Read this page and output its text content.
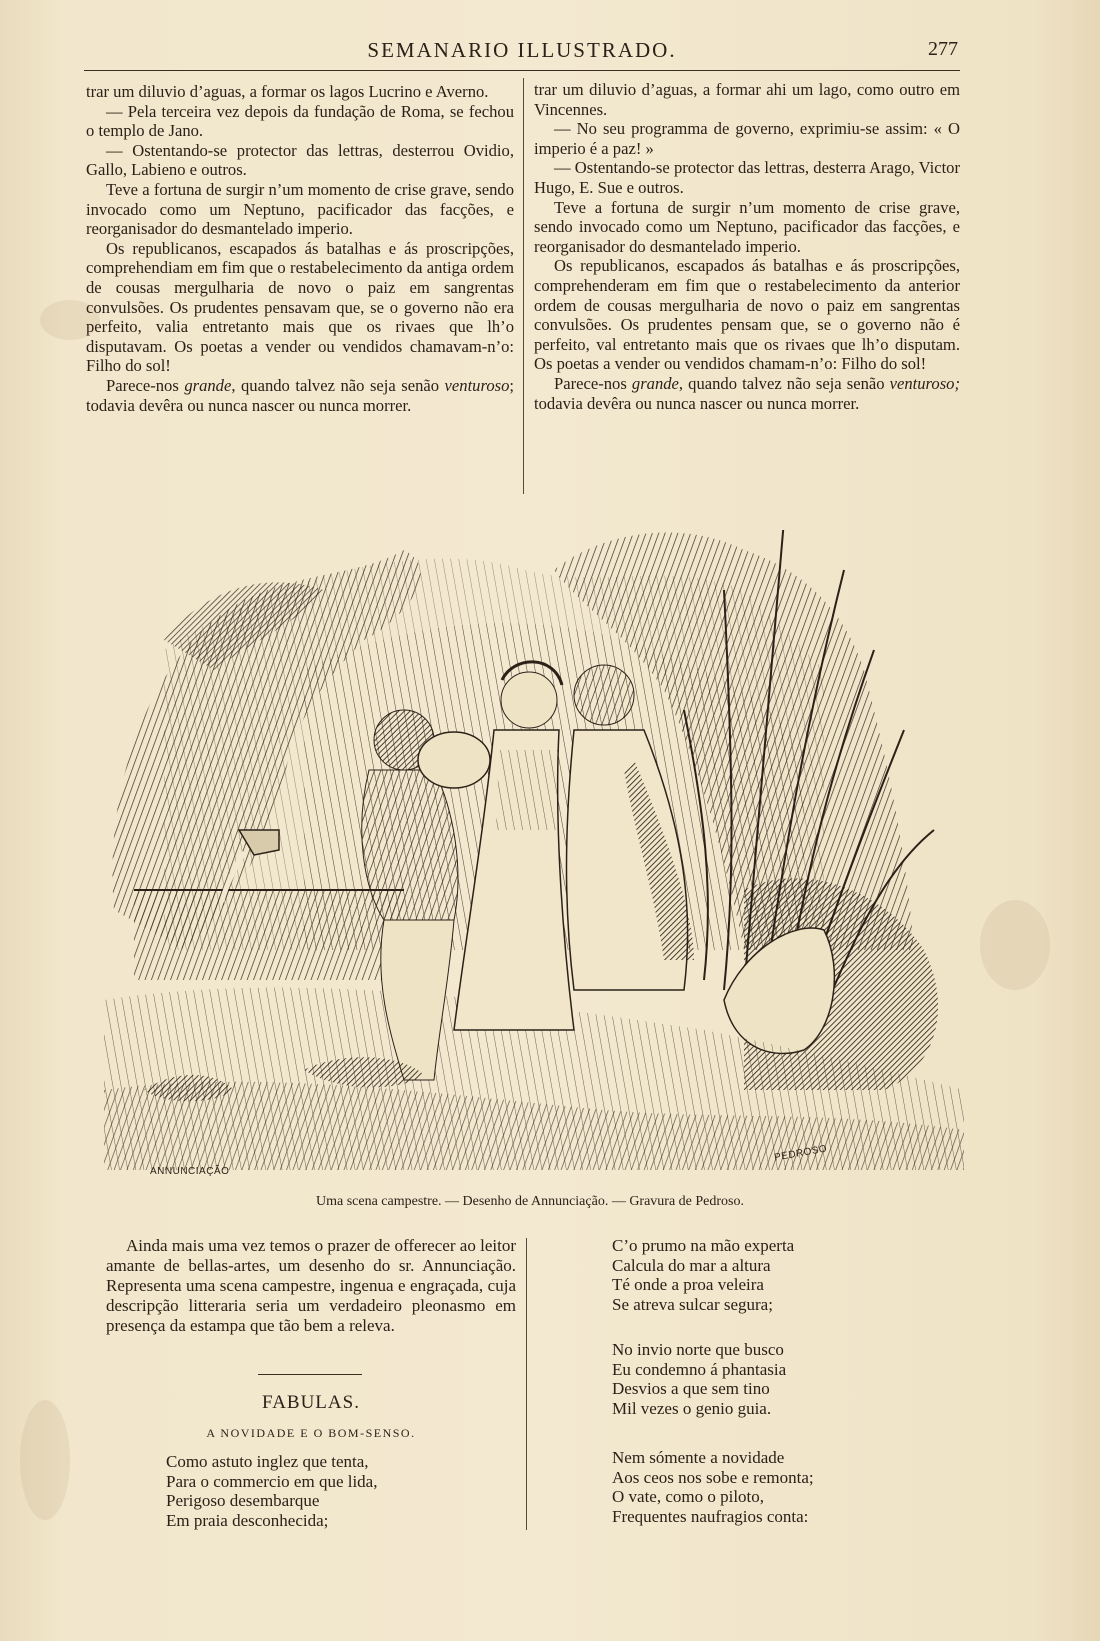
SEMANARIO ILLUSTRADO.	277

trar um diluvio d’aguas, a formar os lagos Lucrino e Averno.

— Pela terceira vez depois da fundação de Roma, se fechou o templo de Jano.

— Ostentando-se protector das lettras, desterrou Ovidio, Gallo, Labieno e outros.

Teve a fortuna de surgir n’um momento de crise grave, sendo invocado como um Neptuno, pacificador das facções, e reorganisador do desmantelado imperio.

Os republicanos, escapados ás batalhas e ás proscripções, comprehendiam em fim que o restabelecimento da antiga ordem de cousas mergulharia de novo o paiz em sangrentas convulsões. Os prudentes pensavam que, se o governo não era perfeito, valia entretanto mais que os rivaes que lh’o disputavam. Os poetas a vender ou vendidos chamavam-n’o: Filho do sol!

Parece-nos grande, quando talvez não seja senão venturoso; todavia devêra ou nunca nascer ou nunca morrer.

trar um diluvio d’aguas, a formar ahi um lago, como outro em Vincennes.

— No seu programma de governo, exprimiu-se assim: « O imperio é a paz! »

— Ostentando-se protector das lettras, desterra Arago, Victor Hugo, E. Sue e outros.

Teve a fortuna de surgir n’um momento de crise grave, sendo invocado como um Neptuno, pacificador das facções, e reorganisador do desmantelado imperio.

Os republicanos, escapados ás batalhas e ás proscripções, comprehenderam em fim que o restabelecimento da anterior ordem de cousas mergulharia de novo o paiz em sangrentas convulsões. Os prudentes pensam que, se o governo não é perfeito, val entretanto mais que os rivaes que lh’o disputam. Os poetas a vender ou vendidos chamam-n’o: Filho do sol!

Parece-nos grande, quando talvez não seja senão venturoso; todavia devêra ou nunca nascer ou nunca morrer.

ANNUNCIAÇÃO
PEDROSO
Uma scena campestre. — Desenho de Annunciação. — Gravura de Pedroso.

Ainda mais uma vez temos o prazer de offerecer ao leitor amante de bellas-artes, um desenho do sr. Annunciação. Representa uma scena campestre, ingenua e engraçada, cuja descripção litteraria seria um verdadeiro pleonasmo em presença da estampa que tão bem a releva.

FABULAS.
A NOVIDADE E O BOM-SENSO.
Como astuto inglez que tenta,
Para o commercio em que lida,
Perigoso desembarque
Em praia desconhecida;
C’o prumo na mão experta
Calcula do mar a altura
Té onde a proa veleira
Se atreva sulcar segura;
No invio norte que busco
Eu condemno á phantasia
Desvios a que sem tino
Mil vezes o genio guia.
Nem sómente a novidade
Aos ceos nos sobe e remonta;
O vate, como o piloto,
Frequentes naufragios conta:
